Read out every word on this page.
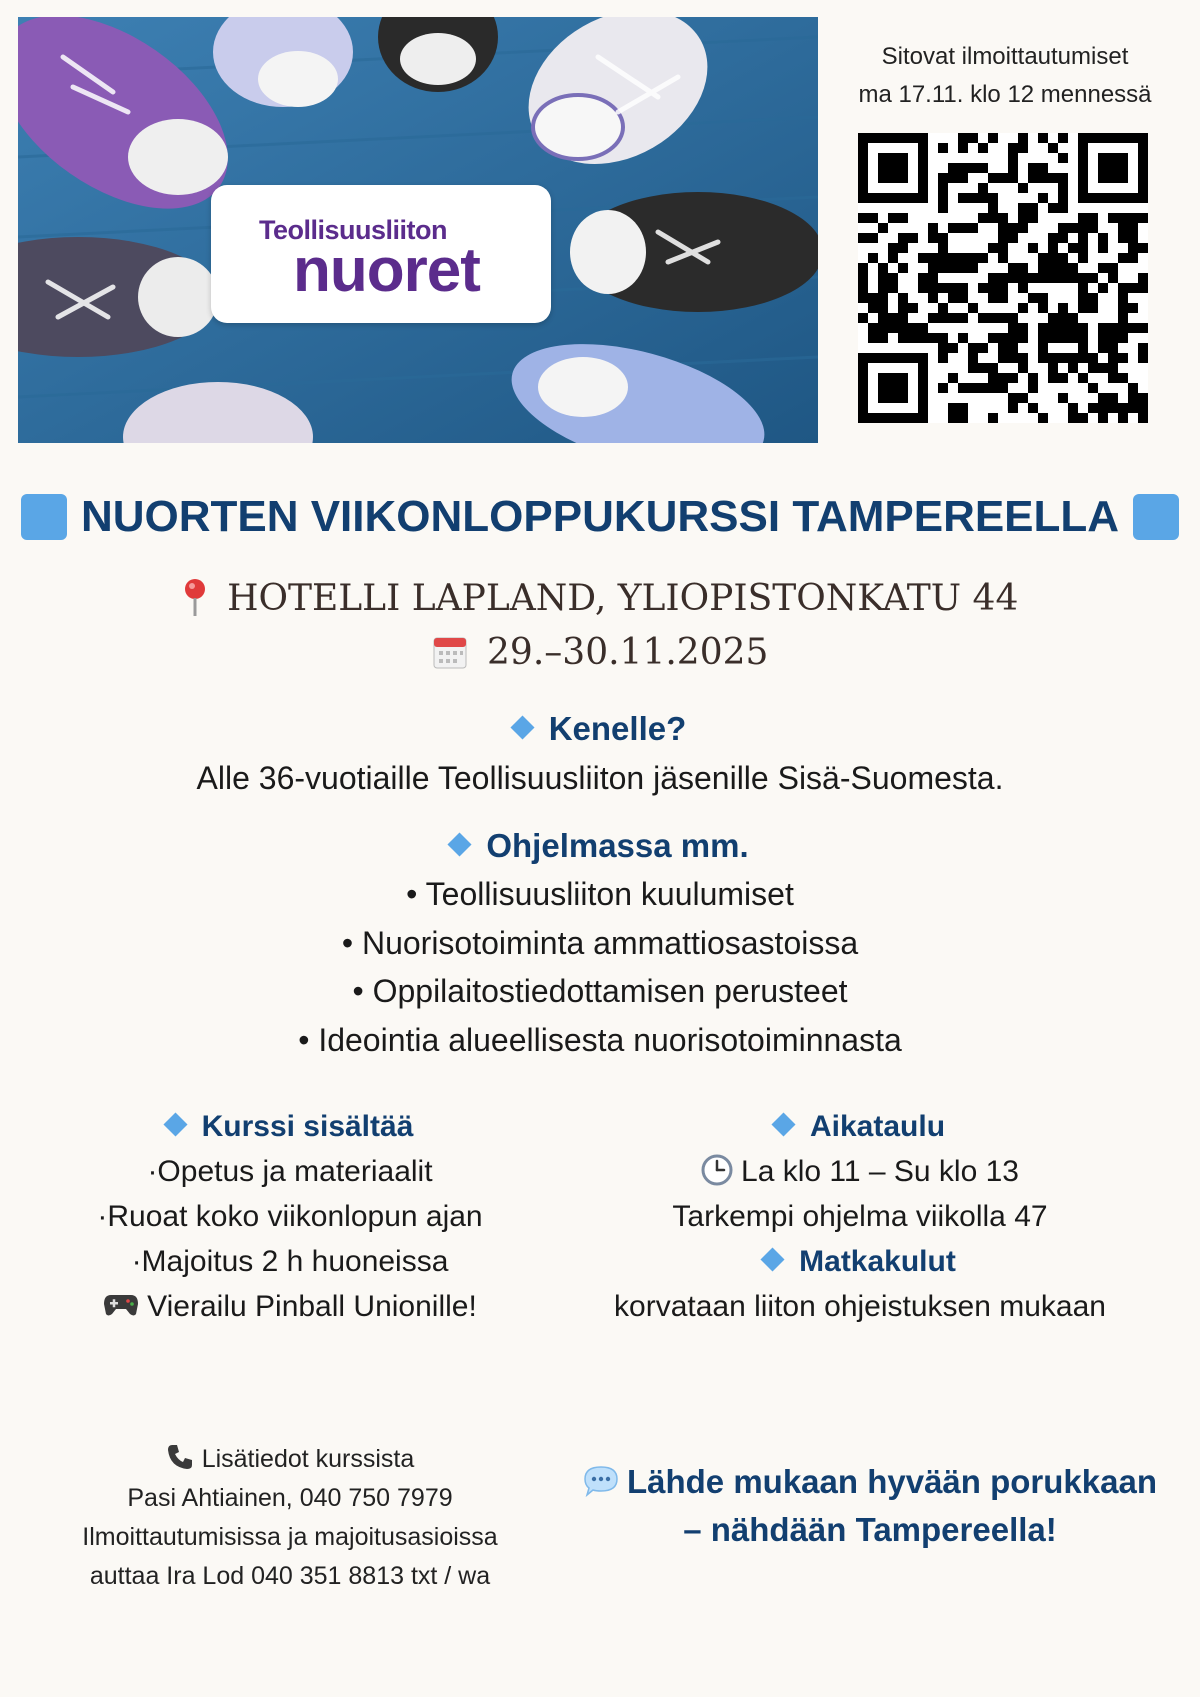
Teollisuusliiton
nuoret
Sitovat ilmoittautumiset
ma 17.11. klo 12 mennessä
NUORTEN VIIKONLOPPUKURSSI TAMPEREELLA
HOTELLI LAPLAND, YLIOPISTONKATU 44
29.–30.11.2025
Kenelle?
Alle 36-vuotiaille Teollisuusliiton jäsenille Sisä-Suomesta.
Ohjelmassa mm.
• Teollisuusliiton kuulumiset
• Nuorisotoiminta ammattiosastoissa
• Oppilaitostiedottamisen perusteet
• Ideointia alueellisesta nuorisotoiminnasta
Kurssi sisältää
·Opetus ja materiaalit
·Ruoat koko viikonlopun ajan
·Majoitus 2 h huoneissa
Vierailu Pinball Unionille!
Aikataulu
La klo 11 – Su klo 13
Tarkempi ohjelma viikolla 47
Matkakulut
korvataan liiton ohjeistuksen mukaan
Lisätiedot kurssista
Pasi Ahtiainen, 040 750 7979
Ilmoittautumisissa ja majoitusasioissa
auttaa Ira Lod 040 351 8813 txt / wa
Lähde mukaan hyvään porukkaan
– nähdään Tampereella!
